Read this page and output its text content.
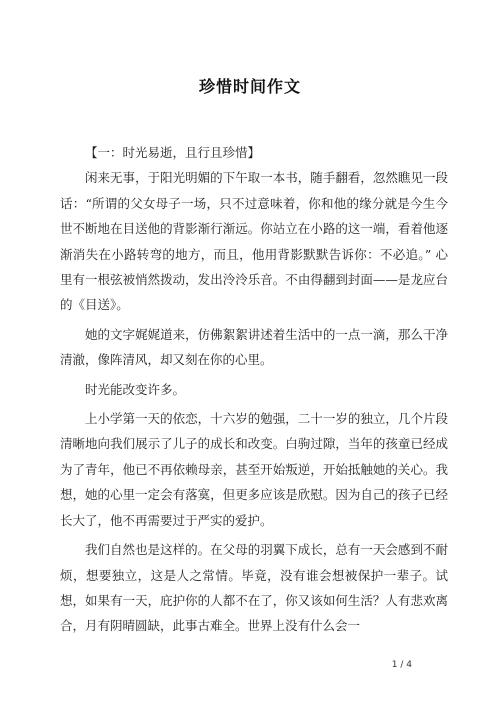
珍惜时间作文

【一：时光易逝，且行且珍惜】

闲来无事，于阳光明媚的下午取一本书，随手翻看，忽然瞧见一段话：“所谓的父女母子一场，只不过意味着，你和他的缘分就是今生今世不断地在目送他的背影渐行渐远。你站立在小路的这一端，看着他逐渐消失在小路转弯的地方，而且，他用背影默默告诉你：不必追。” 心里有一根弦被悄然拨动，发出泠泠乐音。不由得翻到封面——是龙应台的《目送》。

她的文字娓娓道来，仿佛絮絮讲述着生活中的一点一滴，那么干净清澈，像阵清风，却又刻在你的心里。

时光能改变许多。

上小学第一天的依恋，十六岁的勉强，二十一岁的独立，几个片段清晰地向我们展示了儿子的成长和改变。白驹过隙，当年的孩童已经成为了青年，他已不再依赖母亲，甚至开始叛逆，开始抵触她的关心。我想，她的心里一定会有落寞，但更多应该是欣慰。因为自己的孩子已经长大了，他不再需要过于严实的爱护。

我们自然也是这样的。在父母的羽翼下成长，总有一天会感到不耐烦，想要独立，这是人之常情。毕竟，没有谁会想被保护一辈子。试想，如果有一天，庇护你的人都不在了，你又该如何生活？人有悲欢离合，月有阴晴圆缺，此事古难全。世界上没有什么会一

1 / 4
